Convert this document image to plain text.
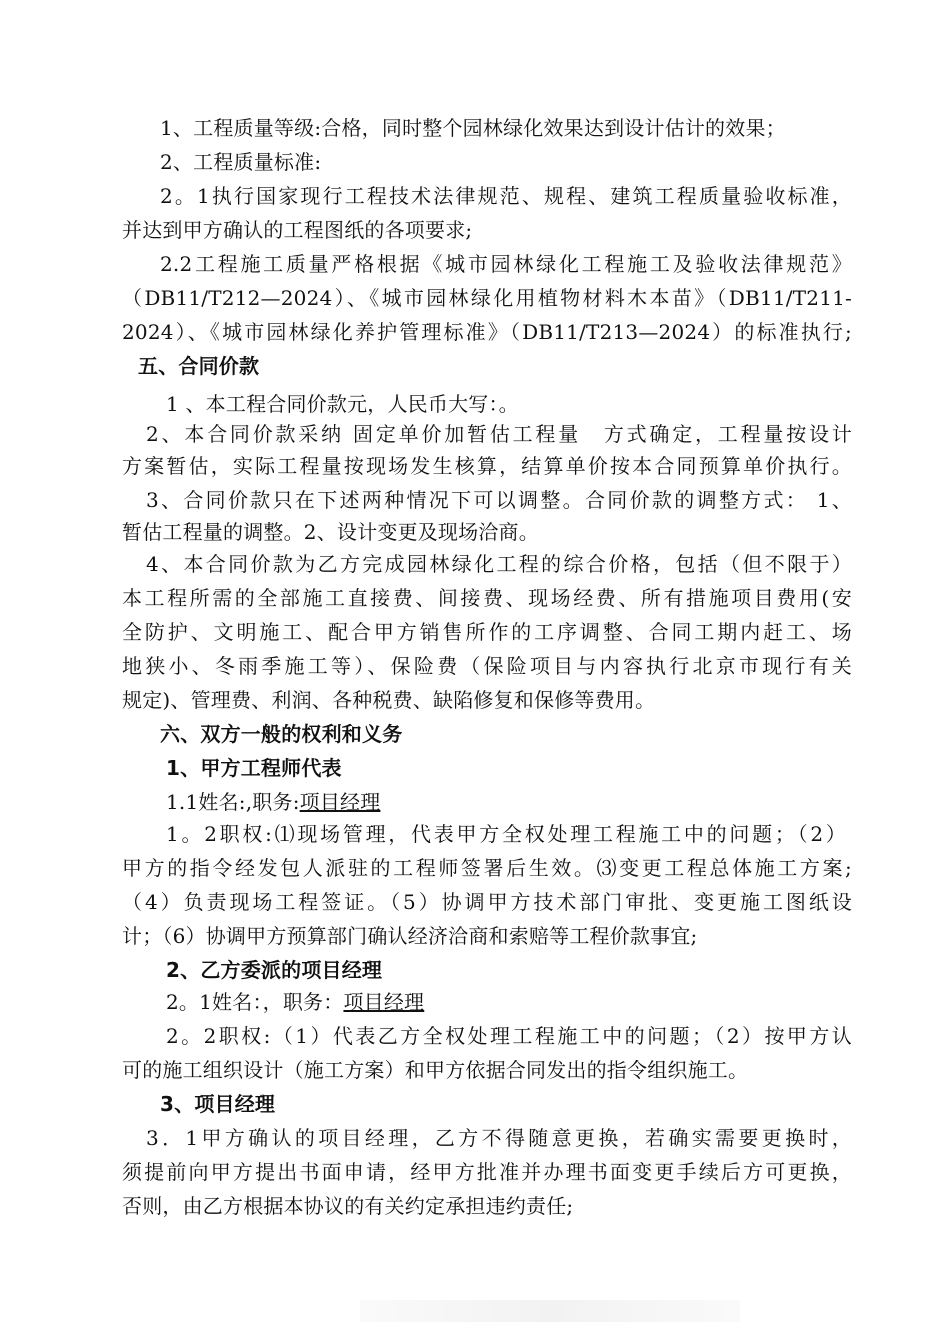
1、工程质量等级:合格，同时整个园林绿化效果达到设计估计的效果；
2、工程质量标准:
2。1执行国家现行工程技术法律规范、规程、建筑工程质量验收标准，
并达到甲方确认的工程图纸的各项要求;
2.2工程施工质量严格根据《城市园林绿化工程施工及验收法律规范》
（DB11/T212—2024）、《城市园林绿化用植物材料木本苗》（DB11/T211-
2024）、《城市园林绿化养护管理标准》（DB11/T213—2024）的标准执行;
五、合同价款
1 、本工程合同价款元，人民币大写：。
2、本合同价款采纳 固定单价加暂估工程量　方式确定，工程量按设计
方案暂估，实际工程量按现场发生核算，结算单价按本合同预算单价执行。
3、合同价款只在下述两种情况下可以调整。合同价款的调整方式： 1、
暂估工程量的调整。2、设计变更及现场洽商。
4、本合同价款为乙方完成园林绿化工程的综合价格，包括（但不限于）
本工程所需的全部施工直接费、间接费、现场经费、所有措施项目费用(安
全防护、文明施工、配合甲方销售所作的工序调整、合同工期内赶工、场
地狭小、冬雨季施工等）、保险费（保险项目与内容执行北京市现行有关
规定)、管理费、利润、各种税费、缺陷修复和保修等费用。
六、双方一般的权利和义务
1、甲方工程师代表
1.1姓名:,职务:项目经理
1。2职权:⑴现场管理，代表甲方全权处理工程施工中的问题；（2）
甲方的指令经发包人派驻的工程师签署后生效。⑶变更工程总体施工方案;
（4）负责现场工程签证。（5）协调甲方技术部门审批、变更施工图纸设
计；（6）协调甲方预算部门确认经济洽商和索赔等工程价款事宜;
2、乙方委派的项目经理
2。1姓名：，职务：项目经理
2。2职权:（1）代表乙方全权处理工程施工中的问题；（2）按甲方认
可的施工组织设计（施工方案）和甲方依据合同发出的指令组织施工。
3、项目经理
3．1甲方确认的项目经理，乙方不得随意更换，若确实需要更换时，
须提前向甲方提出书面申请，经甲方批准并办理书面变更手续后方可更换，
否则，由乙方根据本协议的有关约定承担违约责任;
